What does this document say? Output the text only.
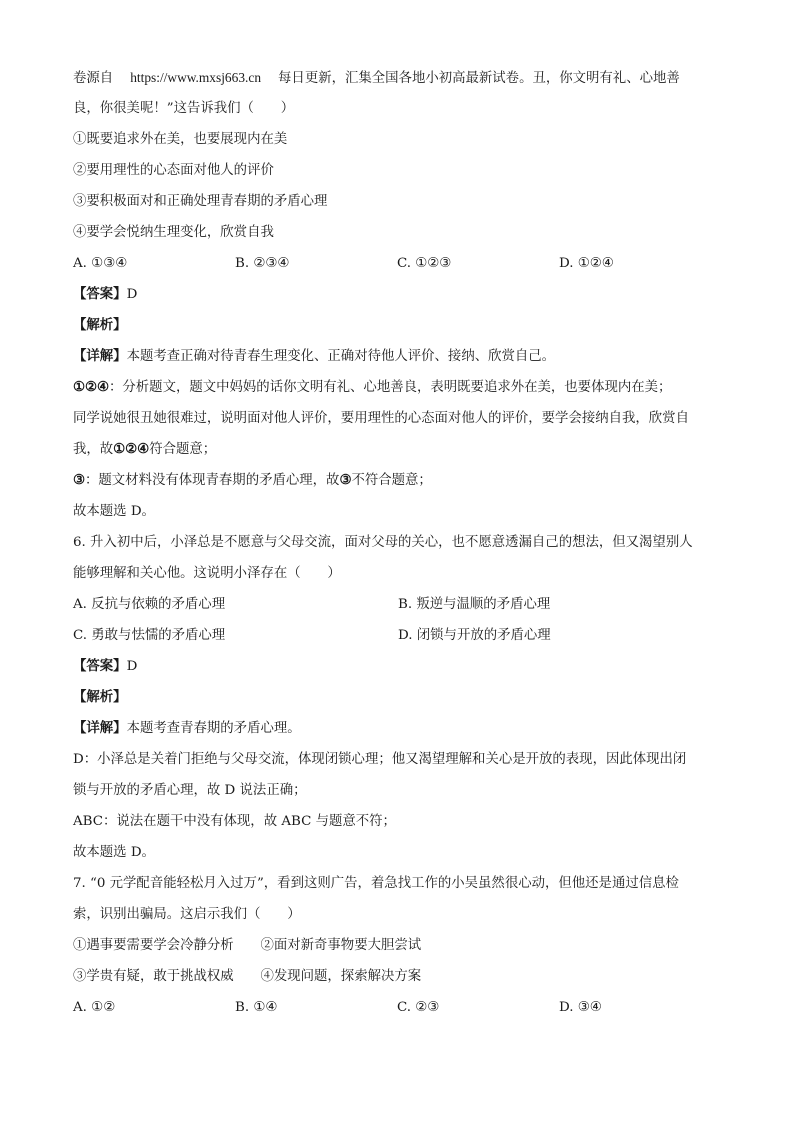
卷源自 https://www.mxsj663.cn 每日更新，汇集全国各地小初高最新试卷。丑，你文明有礼、心地善
良，你很美呢！”这告诉我们（　　）
①既要追求外在美，也要展现内在美
②要用理性的心态面对他人的评价
③要积极面对和正确处理青春期的矛盾心理
④要学会悦纳生理变化，欣赏自我
A. ①③④	B. ②③④	C. ①②③	D. ①②④
【答案】D
【解析】
【详解】本题考查正确对待青春生理变化、正确对待他人评价、接纳、欣赏自己。
①②④：分析题文，题文中妈妈的话你文明有礼、心地善良，表明既要追求外在美，也要体现内在美；
同学说她很丑她很难过，说明面对他人评价，要用理性的心态面对他人的评价，要学会接纳自我，欣赏自
我，故①②④符合题意；
③：题文材料没有体现青春期的矛盾心理，故③不符合题意；
故本题选 D。
6. 升入初中后，小泽总是不愿意与父母交流，面对父母的关心，也不愿意透漏自己的想法，但又渴望别人
能够理解和关心他。这说明小泽存在（　　）
A. 反抗与依赖的矛盾心理	B. 叛逆与温顺的矛盾心理
C. 勇敢与怯懦的矛盾心理	D. 闭锁与开放的矛盾心理
【答案】D
【解析】
【详解】本题考查青春期的矛盾心理。
D：小泽总是关着门拒绝与父母交流，体现闭锁心理；他又渴望理解和关心是开放的表现，因此体现出闭
锁与开放的矛盾心理，故 D 说法正确；
ABC：说法在题干中没有体现，故 ABC 与题意不符；
故本题选 D。
7. “0 元学配音能轻松月入过万”，看到这则广告，着急找工作的小吴虽然很心动，但他还是通过信息检
索，识别出骗局。这启示我们（　　）
①遇事要需要学会冷静分析　　②面对新奇事物要大胆尝试
③学贵有疑，敢于挑战权威　　④发现问题，探索解决方案
A. ①②	B. ①④	C. ②③	D. ③④
